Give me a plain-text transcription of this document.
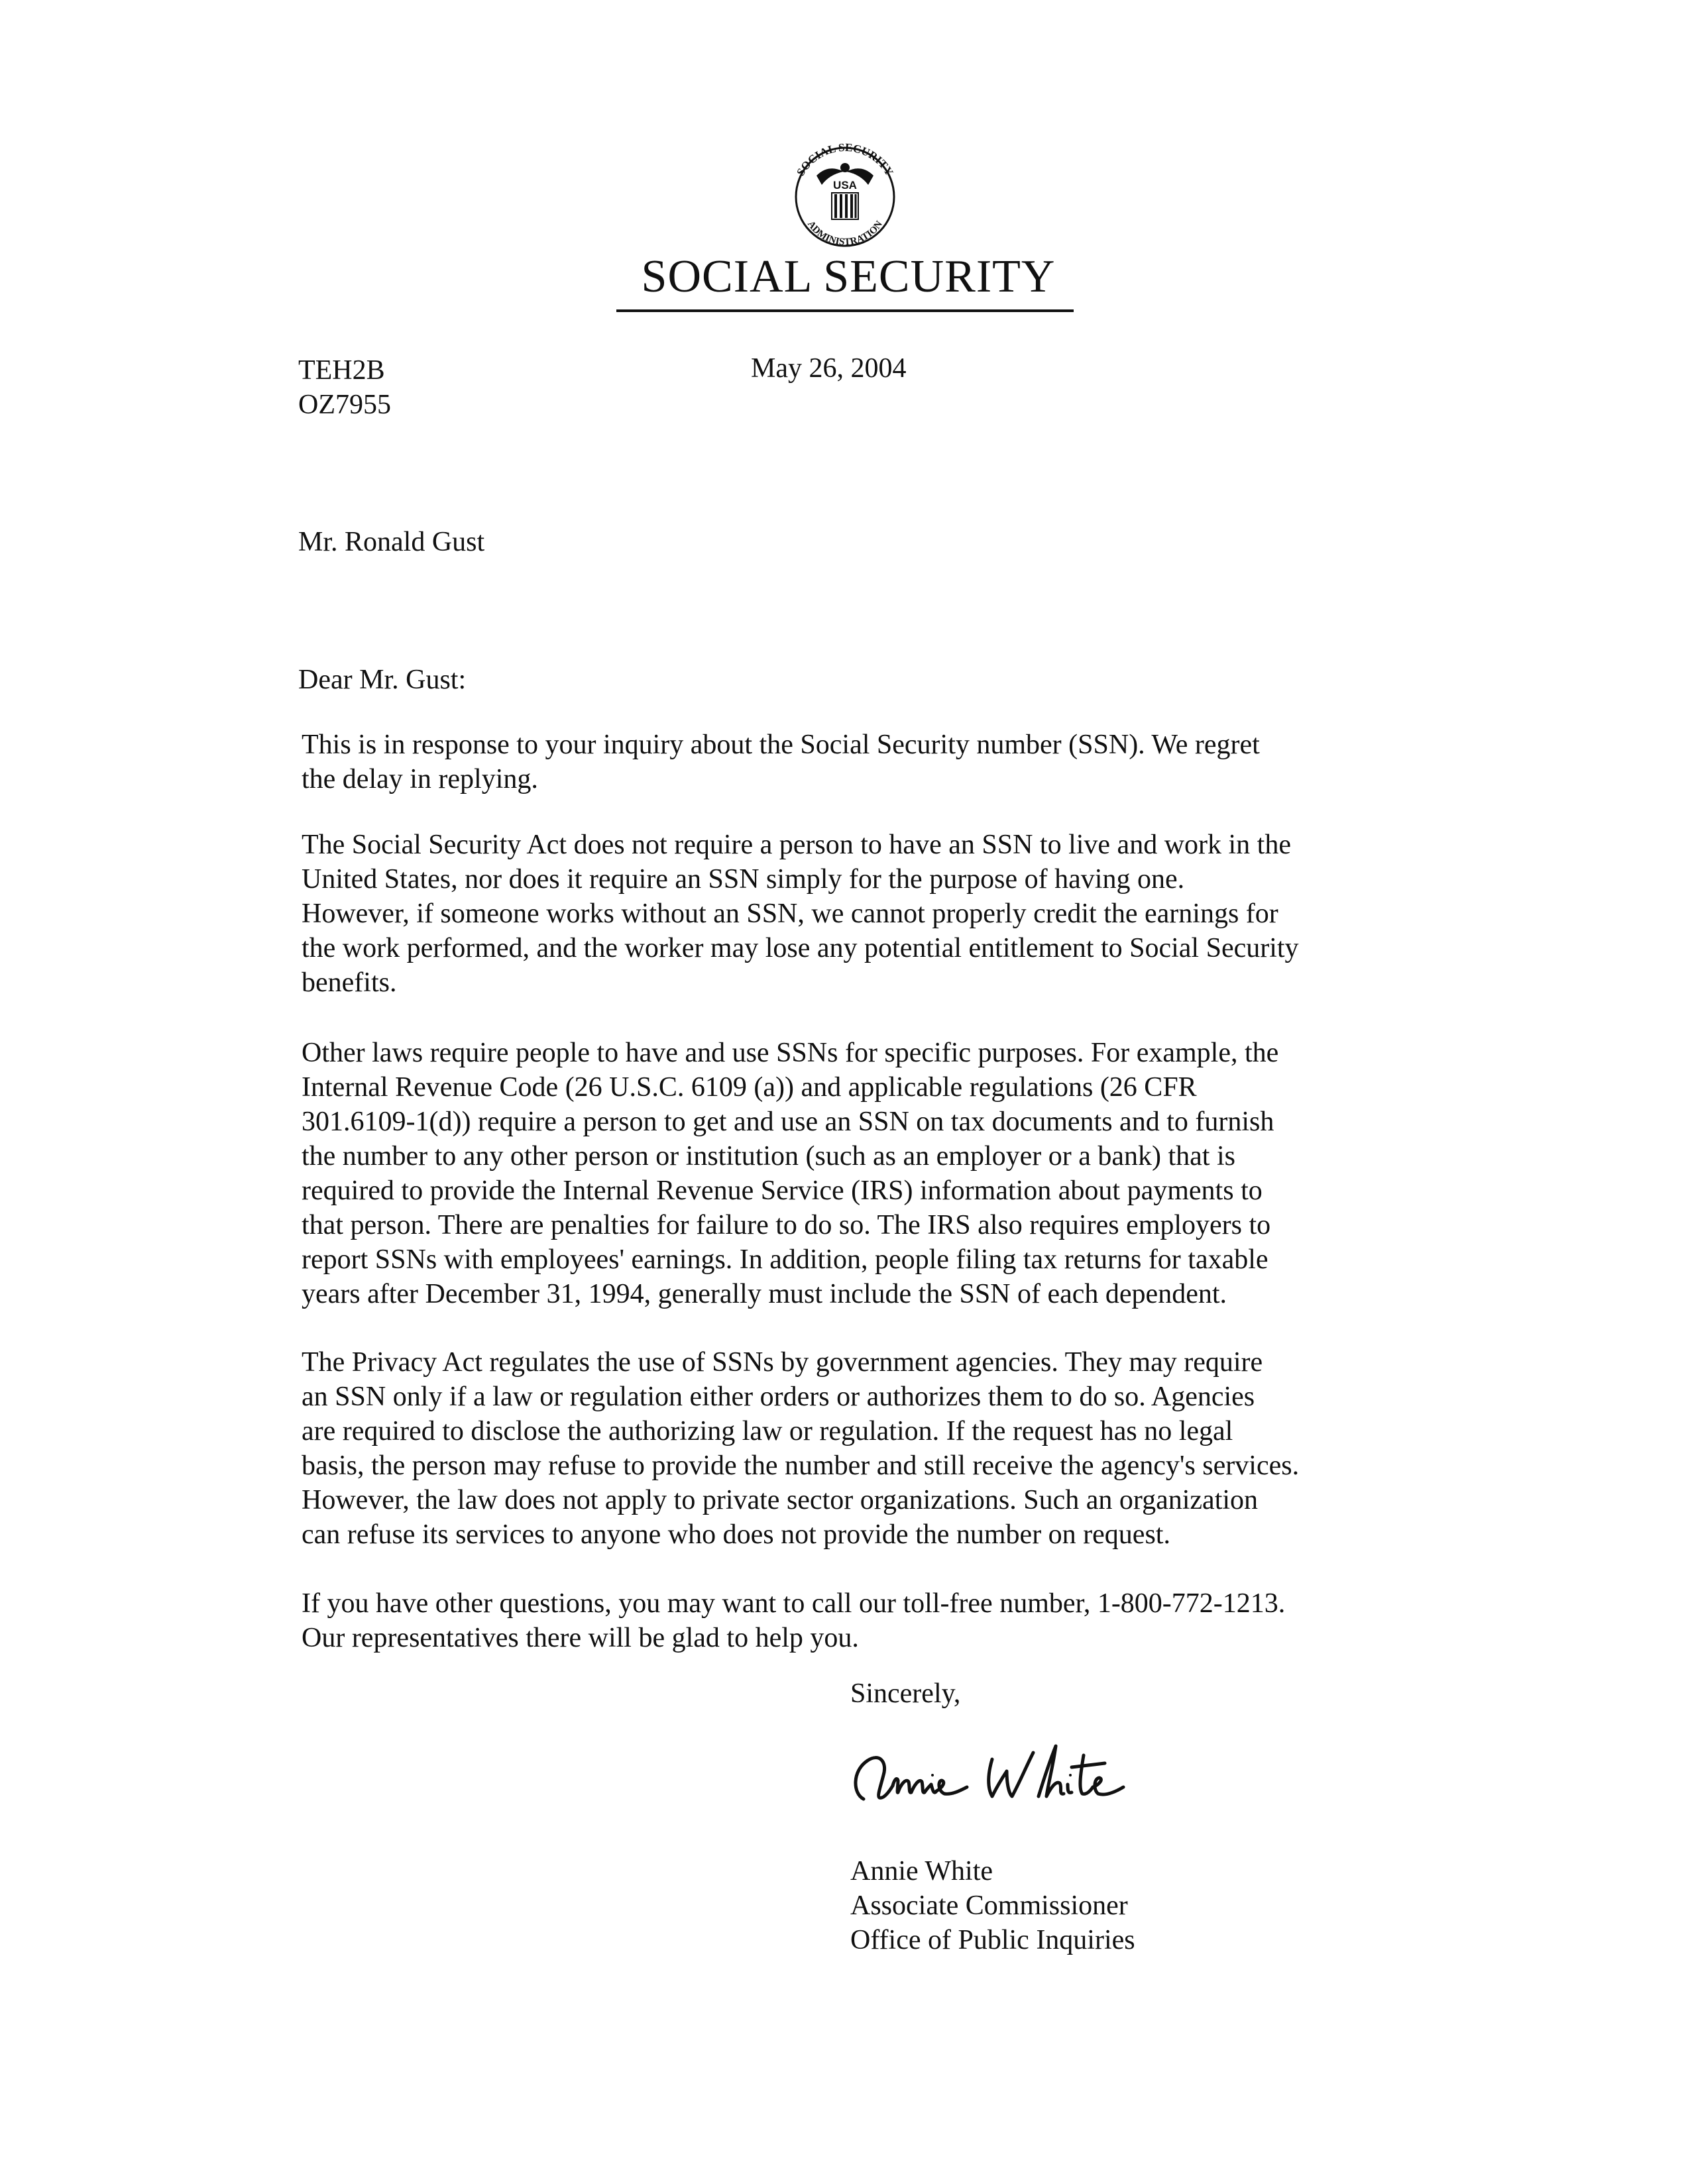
SOCIAL SECURITY
ADMINISTRATION
USA
SOCIAL SECURITY
TEH2B
OZ7955
May 26, 2004
Mr. Ronald Gust
Dear Mr. Gust:
This is in response to your inquiry about the Social Security number (SSN). We regret
the delay in replying.
The Social Security Act does not require a person to have an SSN to live and work in the
United States, nor does it require an SSN simply for the purpose of having one.
However, if someone works without an SSN, we cannot properly credit the earnings for
the work performed, and the worker may lose any potential entitlement to Social Security
benefits.
Other laws require people to have and use SSNs for specific purposes. For example, the
Internal Revenue Code (26 U.S.C. 6109 (a)) and applicable regulations (26 CFR
301.6109-1(d)) require a person to get and use an SSN on tax documents and to furnish
the number to any other person or institution (such as an employer or a bank) that is
required to provide the Internal Revenue Service (IRS) information about payments to
that person. There are penalties for failure to do so. The IRS also requires employers to
report SSNs with employees' earnings. In addition, people filing tax returns for taxable
years after December 31, 1994, generally must include the SSN of each dependent.
The Privacy Act regulates the use of SSNs by government agencies. They may require
an SSN only if a law or regulation either orders or authorizes them to do so. Agencies
are required to disclose the authorizing law or regulation. If the request has no legal
basis, the person may refuse to provide the number and still receive the agency's services.
However, the law does not apply to private sector organizations. Such an organization
can refuse its services to anyone who does not provide the number on request.
If you have other questions, you may want to call our toll-free number, 1-800-772-1213.
Our representatives there will be glad to help you.
Sincerely,
Annie White
Associate Commissioner
Office of Public Inquiries
